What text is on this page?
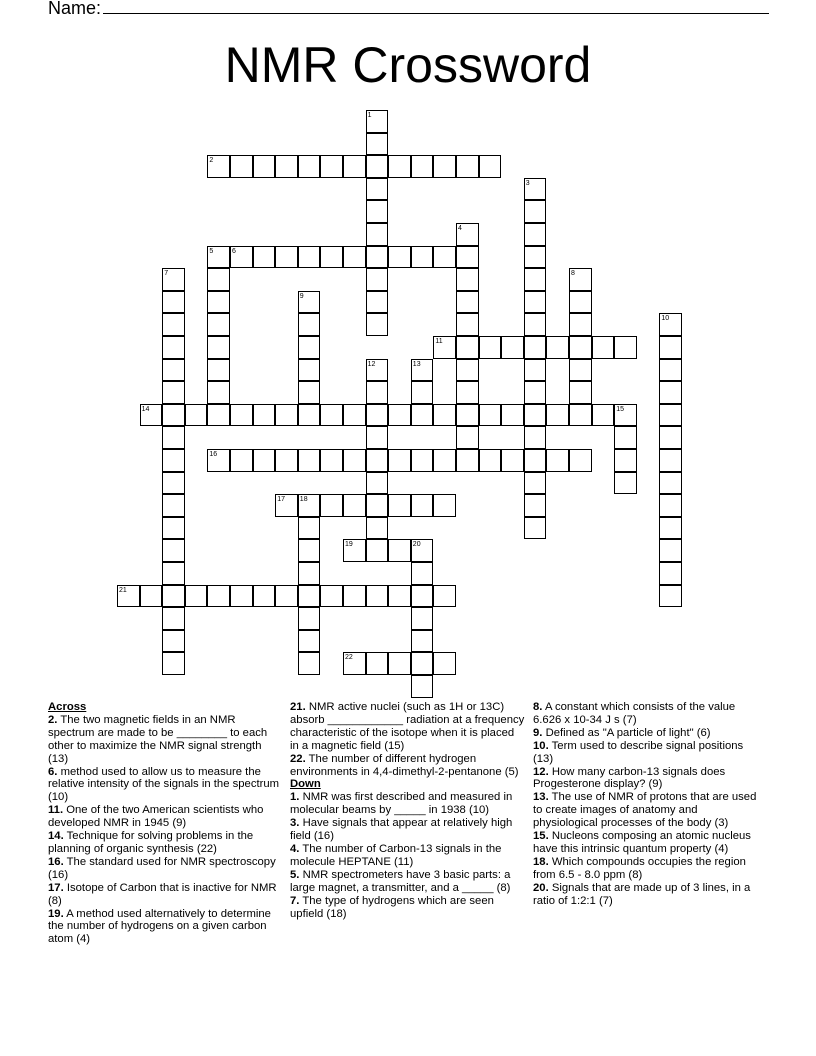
Name:
NMR Crossword
1
2
3
4
5	6
7	8
9
10
11
12	13
14	15
16
17 18
19	20
21
22

Across

2. The two magnetic fields in an NMR spectrum are made to be ________ to each other to maximize the NMR signal strength (13)
6. method used to allow us to measure the relative intensity of the signals in the spectrum (10)
11. One of the two American scientists who developed NMR in 1945 (9)
14. Technique for solving problems in the planning of organic synthesis (22)
16. The standard used for NMR spectroscopy (16)
17. Isotope of Carbon that is inactive for NMR (8)
19. A method used alternatively to determine the number of hydrogens on a given carbon atom (4)
21. NMR active nuclei (such as 1H or 13C) absorb ____________ radiation at a frequency characteristic of the isotope when it is placed in a magnetic field (15)
22. The number of different hydrogen environments in 4,4-dimethyl-2-pentanone (5)

Down

1. NMR was first described and measured in molecular beams by _____ in 1938 (10)
3. Have signals that appear at relatively high field (16)
4. The number of Carbon-13 signals in the molecule HEPTANE (11)
5. NMR spectrometers have 3 basic parts: a large magnet, a transmitter, and a _____ (8)
7. The type of hydrogens which are seen upfield (18)
8. A constant which consists of the value 6.626 x 10-34 J s (7)
9. Defined as "A particle of light" (6)
10. Term used to describe signal positions (13)
12. How many carbon-13 signals does Progesterone display? (9)
13. The use of NMR of protons that are used to create images of anatomy and physiological processes of the body (3)
15. Nucleons composing an atomic nucleus have this intrinsic quantum property (4)
18. Which compounds occupies the region from 6.5 - 8.0 ppm (8)
20. Signals that are made up of 3 lines, in a ratio of 1:2:1 (7)
